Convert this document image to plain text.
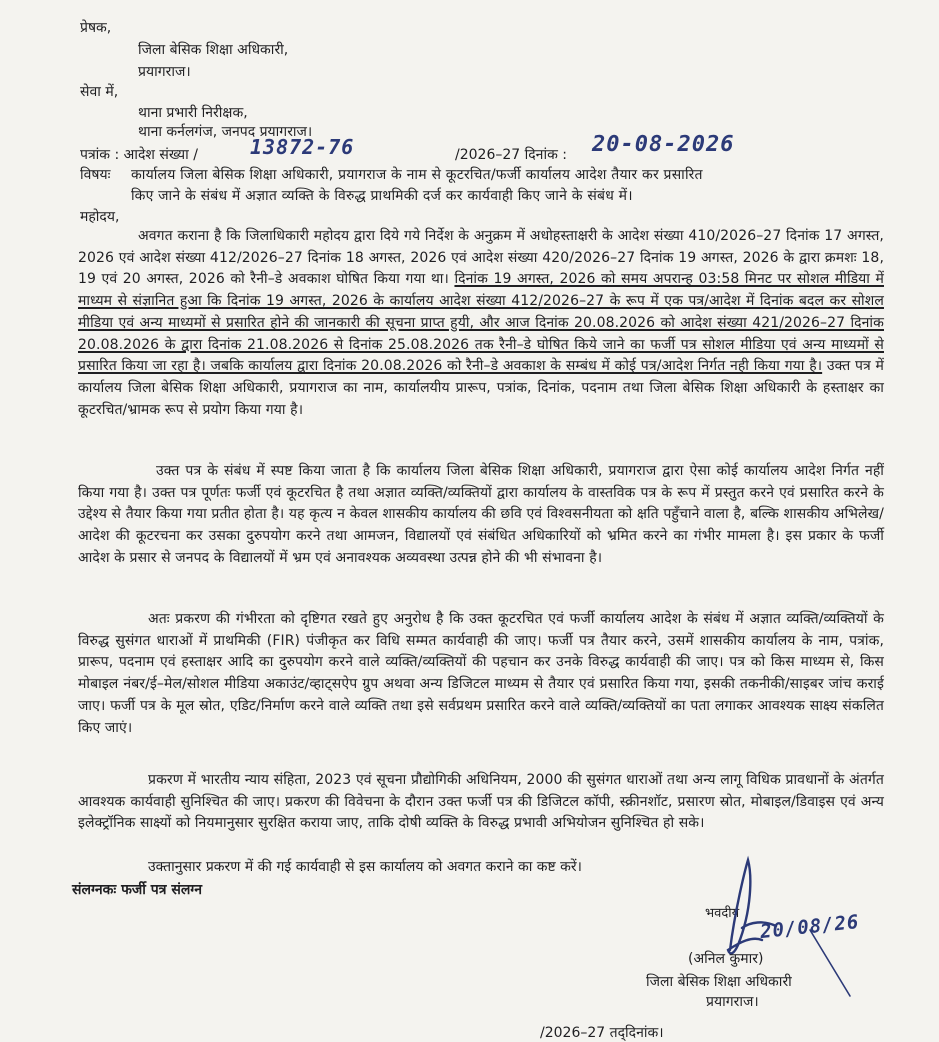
प्रेषक,
जिला बेसिक शिक्षा अधिकारी,
प्रयागराज।
सेवा में,
थाना प्रभारी निरीक्षक,
थाना कर्नलगंज, जनपद प्रयागराज।
पत्रांक : आदेश संख्या /	13872-76	/2026–27 दिनांक : 20-08-2026
विषयः कार्यालय जिला बेसिक शिक्षा अधिकारी, प्रयागराज के नाम से कूटरचित/फर्जी कार्यालय आदेश तैयार कर प्रसारित
किए जाने के संबंध में अज्ञात व्यक्ति के विरुद्ध प्राथमिकी दर्ज कर कार्यवाही किए जाने के संबंध में।
महोदय,
अवगत कराना है कि जिलाधिकारी महोदय द्वारा दिये गये निर्देश के अनुक्रम में अधोहस्ताक्षरी के आदेश संख्या 410/2026–27 दिनांक 17 अगस्त, 2026 एवं आदेश संख्या 412/2026–27 दिनांक 18 अगस्त, 2026 एवं आदेश संख्या 420/2026–27 दिनांक 19 अगस्त, 2026 के द्वारा क्रमशः 18, 19 एवं 20 अगस्त, 2026 को रैनी–डे अवकाश घोषित किया गया था। दिनांक 19 अगस्त, 2026 को समय अपरान्ह 03:58 मिनट पर सोशल मीडिया में माध्यम से संज्ञानित हुआ कि दिनांक 19 अगस्त, 2026 के कार्यालय आदेश संख्या 412/2026–27 के रूप में एक पत्र/आदेश में दिनांक बदल कर सोशल मीडिया एवं अन्य माध्यमों से प्रसारित होने की जानकारी की सूचना प्राप्त हुयी, और आज दिनांक 20.08.2026 को आदेश संख्या 421/2026–27 दिनांक 20.08.2026 के द्वारा दिनांक 21.08.2026 से दिनांक 25.08.2026 तक रैनी–डे घोषित किये जाने का फर्जी पत्र सोशल मीडिया एवं अन्य माध्यमों से प्रसारित किया जा रहा है। जबकि कार्यालय द्वारा दिनांक 20.08.2026 को रैनी–डे अवकाश के सम्बंध में कोई पत्र/आदेश निर्गत नही किया गया है। उक्त पत्र में कार्यालय जिला बेसिक शिक्षा अधिकारी, प्रयागराज का नाम, कार्यालयीय प्रारूप, पत्रांक, दिनांक, पदनाम तथा जिला बेसिक शिक्षा अधिकारी के हस्ताक्षर का कूटरचित/भ्रामक रूप से प्रयोग किया गया है।
उक्त पत्र के संबंध में स्पष्ट किया जाता है कि कार्यालय जिला बेसिक शिक्षा अधिकारी, प्रयागराज द्वारा ऐसा कोई कार्यालय आदेश निर्गत नहीं किया गया है। उक्त पत्र पूर्णतः फर्जी एवं कूटरचित है तथा अज्ञात व्यक्ति/व्यक्तियों द्वारा कार्यालय के वास्तविक पत्र के रूप में प्रस्तुत करने एवं प्रसारित करने के उद्देश्य से तैयार किया गया प्रतीत होता है। यह कृत्य न केवल शासकीय कार्यालय की छवि एवं विश्वसनीयता को क्षति पहुँचाने वाला है, बल्कि शासकीय अभिलेख/आदेश की कूटरचना कर उसका दुरुपयोग करने तथा आमजन, विद्यालयों एवं संबंधित अधिकारियों को भ्रमित करने का गंभीर मामला है। इस प्रकार के फर्जी आदेश के प्रसार से जनपद के विद्यालयों में भ्रम एवं अनावश्यक अव्यवस्था उत्पन्न होने की भी संभावना है।
अतः प्रकरण की गंभीरता को दृष्टिगत रखते हुए अनुरोध है कि उक्त कूटरचित एवं फर्जी कार्यालय आदेश के संबंध में अज्ञात व्यक्ति/व्यक्तियों के विरुद्ध सुसंगत धाराओं में प्राथमिकी (FIR) पंजीकृत कर विधि सम्मत कार्यवाही की जाए। फर्जी पत्र तैयार करने, उसमें शासकीय कार्यालय के नाम, पत्रांक, प्रारूप, पदनाम एवं हस्ताक्षर आदि का दुरुपयोग करने वाले व्यक्ति/व्यक्तियों की पहचान कर उनके विरुद्ध कार्यवाही की जाए। पत्र को किस माध्यम से, किस मोबाइल नंबर/ई–मेल/सोशल मीडिया अकाउंट/व्हाट्सऐप ग्रुप अथवा अन्य डिजिटल माध्यम से तैयार एवं प्रसारित किया गया, इसकी तकनीकी/साइबर जांच कराई जाए। फर्जी पत्र के मूल स्रोत, एडिट/निर्माण करने वाले व्यक्ति तथा इसे सर्वप्रथम प्रसारित करने वाले व्यक्ति/व्यक्तियों का पता लगाकर आवश्यक साक्ष्य संकलित किए जाएं।
प्रकरण में भारतीय न्याय संहिता, 2023 एवं सूचना प्रौद्योगिकी अधिनियम, 2000 की सुसंगत धाराओं तथा अन्य लागू विधिक प्रावधानों के अंतर्गत आवश्यक कार्यवाही सुनिश्चित की जाए। प्रकरण की विवेचना के दौरान उक्त फर्जी पत्र की डिजिटल कॉपी, स्क्रीनशॉट, प्रसारण स्रोत, मोबाइल/डिवाइस एवं अन्य इलेक्ट्रॉनिक साक्ष्यों को नियमानुसार सुरक्षित कराया जाए, ताकि दोषी व्यक्ति के विरुद्ध प्रभावी अभियोजन सुनिश्चित हो सके।
उक्तानुसार प्रकरण में की गई कार्यवाही से इस कार्यालय को अवगत कराने का कष्ट करें।
संलग्नकः फर्जी पत्र संलग्न
भवदीय 20/08/26
(अनिल कुमार)
जिला बेसिक शिक्षा अधिकारी
प्रयागराज।
/2026–27 तद्‌दिनांक।
